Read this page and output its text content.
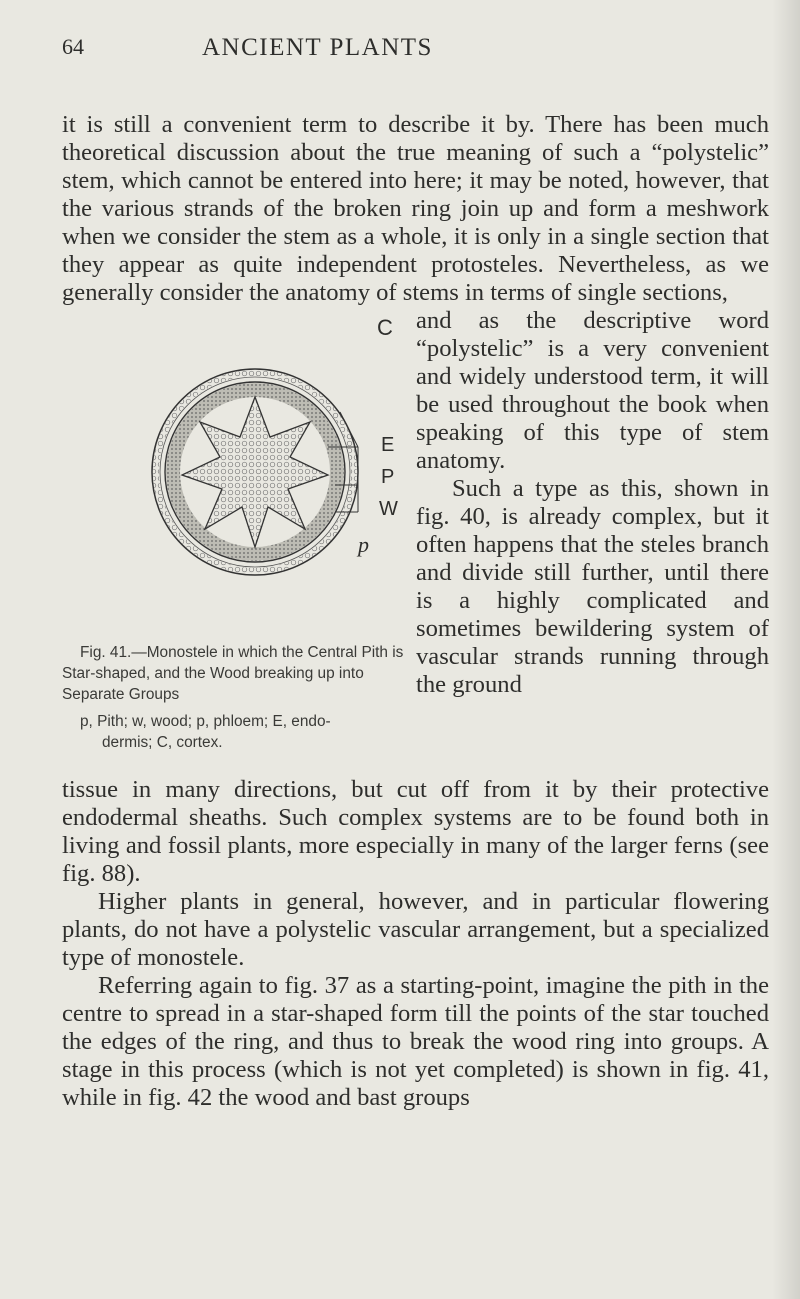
64	ANCIENT PLANTS

it is still a convenient term to describe it by. There has been much theoretical discussion about the true meaning of such a “polystelic” stem, which cannot be entered into here; it may be noted, however, that the various strands of the broken ring join up and form a meshwork when we consider the stem as a whole, it is only in a single section that they appear as quite independent protosteles. Nevertheless, as we generally consider the anatomy of stems in terms of single sections,

C
E
P
W
p

Fig. 41.—Monostele in which the Central Pith is Star-shaped, and the Wood breaking up into Separate Groups

p, Pith; w, wood; p, phloem; E, endo-

dermis; C, cortex.

and as the descriptive word “polystelic” is a very convenient and widely understood term, it will be used throughout the book when speaking of this type of stem anatomy.

Such a type as this, shown in fig. 40, is already complex, but it often happens that the steles branch and divide still further, until there is a highly complicated and sometimes bewildering system of vascular strands running through the ground

tissue in many directions, but cut off from it by their protective endodermal sheaths. Such complex systems are to be found both in living and fossil plants, more especially in many of the larger ferns (see fig. 88).

Higher plants in general, however, and in particular flowering plants, do not have a polystelic vascular arrangement, but a specialized type of monostele.

Referring again to fig. 37 as a starting-point, imagine the pith in the centre to spread in a star-shaped form till the points of the star touched the edges of the ring, and thus to break the wood ring into groups. A stage in this process (which is not yet completed) is shown in fig. 41, while in fig. 42 the wood and bast groups
